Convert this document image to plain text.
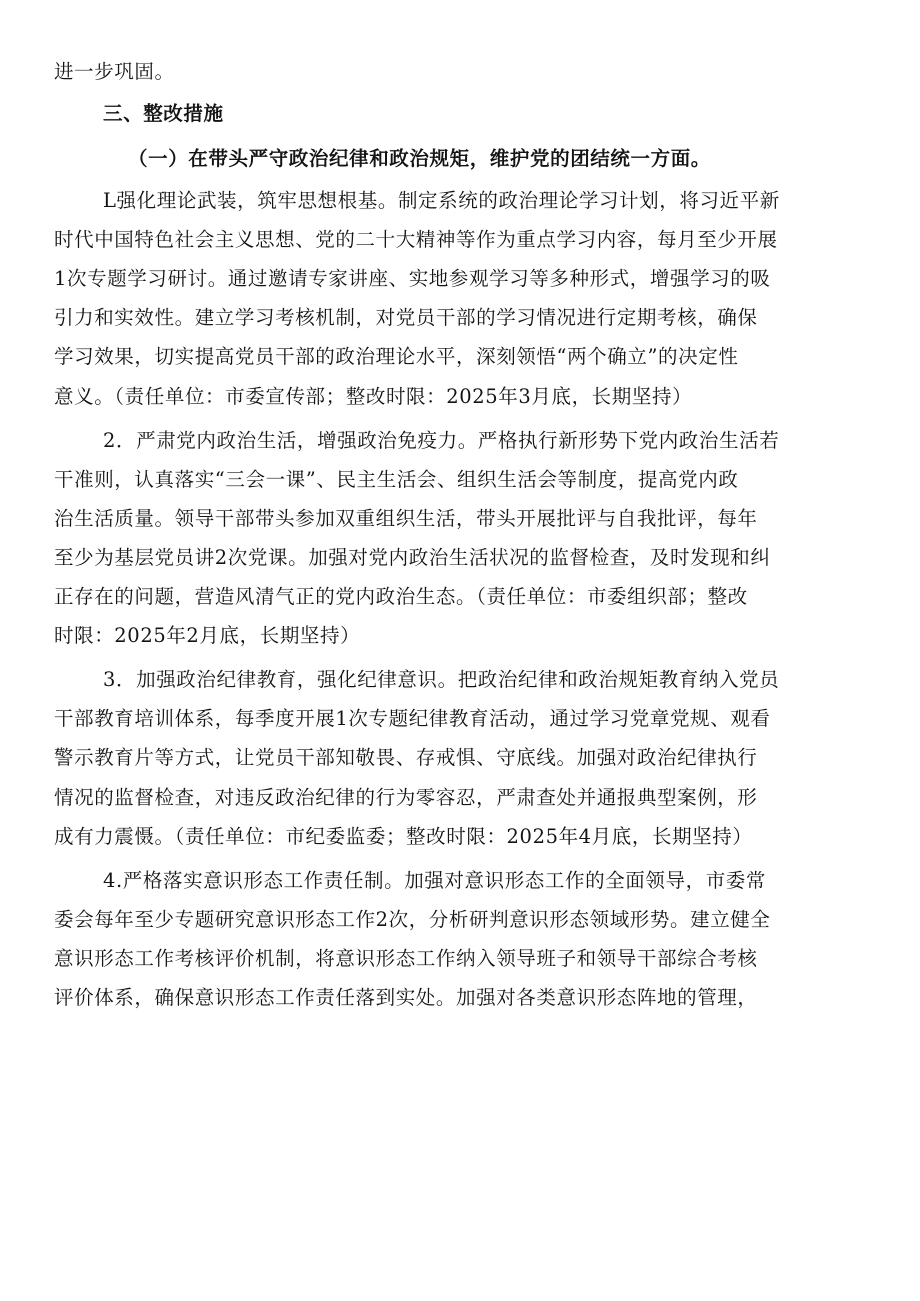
进一步巩固。
三、整改措施
（一）在带头严守政治纪律和政治规矩，维护党的团结统一方面。
L强化理论武装，筑牢思想根基。制定系统的政治理论学习计划，将习近平新
时代中国特色社会主义思想、党的二十大精神等作为重点学习内容，每月至少开展
1次专题学习研讨。通过邀请专家讲座、实地参观学习等多种形式，增强学习的吸
引力和实效性。建立学习考核机制，对党员干部的学习情况进行定期考核，确保
学习效果，切实提高党员干部的政治理论水平，深刻领悟“两个确立”的决定性
意义。（责任单位：市委宣传部；整改时限：2025年3月底，长期坚持）
2．严肃党内政治生活，增强政治免疫力。严格执行新形势下党内政治生活若
干准则，认真落实“三会一课”、民主生活会、组织生活会等制度，提高党内政
治生活质量。领导干部带头参加双重组织生活，带头开展批评与自我批评，每年
至少为基层党员讲2次党课。加强对党内政治生活状况的监督检查，及时发现和纠
正存在的问题，营造风清气正的党内政治生态。（责任单位：市委组织部；整改
时限：2025年2月底，长期坚持）
3．加强政治纪律教育，强化纪律意识。把政治纪律和政治规矩教育纳入党员
干部教育培训体系，每季度开展1次专题纪律教育活动，通过学习党章党规、观看
警示教育片等方式，让党员干部知敬畏、存戒惧、守底线。加强对政治纪律执行
情况的监督检查，对违反政治纪律的行为零容忍，严肃查处并通报典型案例，形
成有力震慑。（责任单位：市纪委监委；整改时限：2025年4月底，长期坚持）
4.严格落实意识形态工作责任制。加强对意识形态工作的全面领导，市委常
委会每年至少专题研究意识形态工作2次，分析研判意识形态领域形势。建立健全
意识形态工作考核评价机制，将意识形态工作纳入领导班子和领导干部综合考核
评价体系，确保意识形态工作责任落到实处。加强对各类意识形态阵地的管理，
